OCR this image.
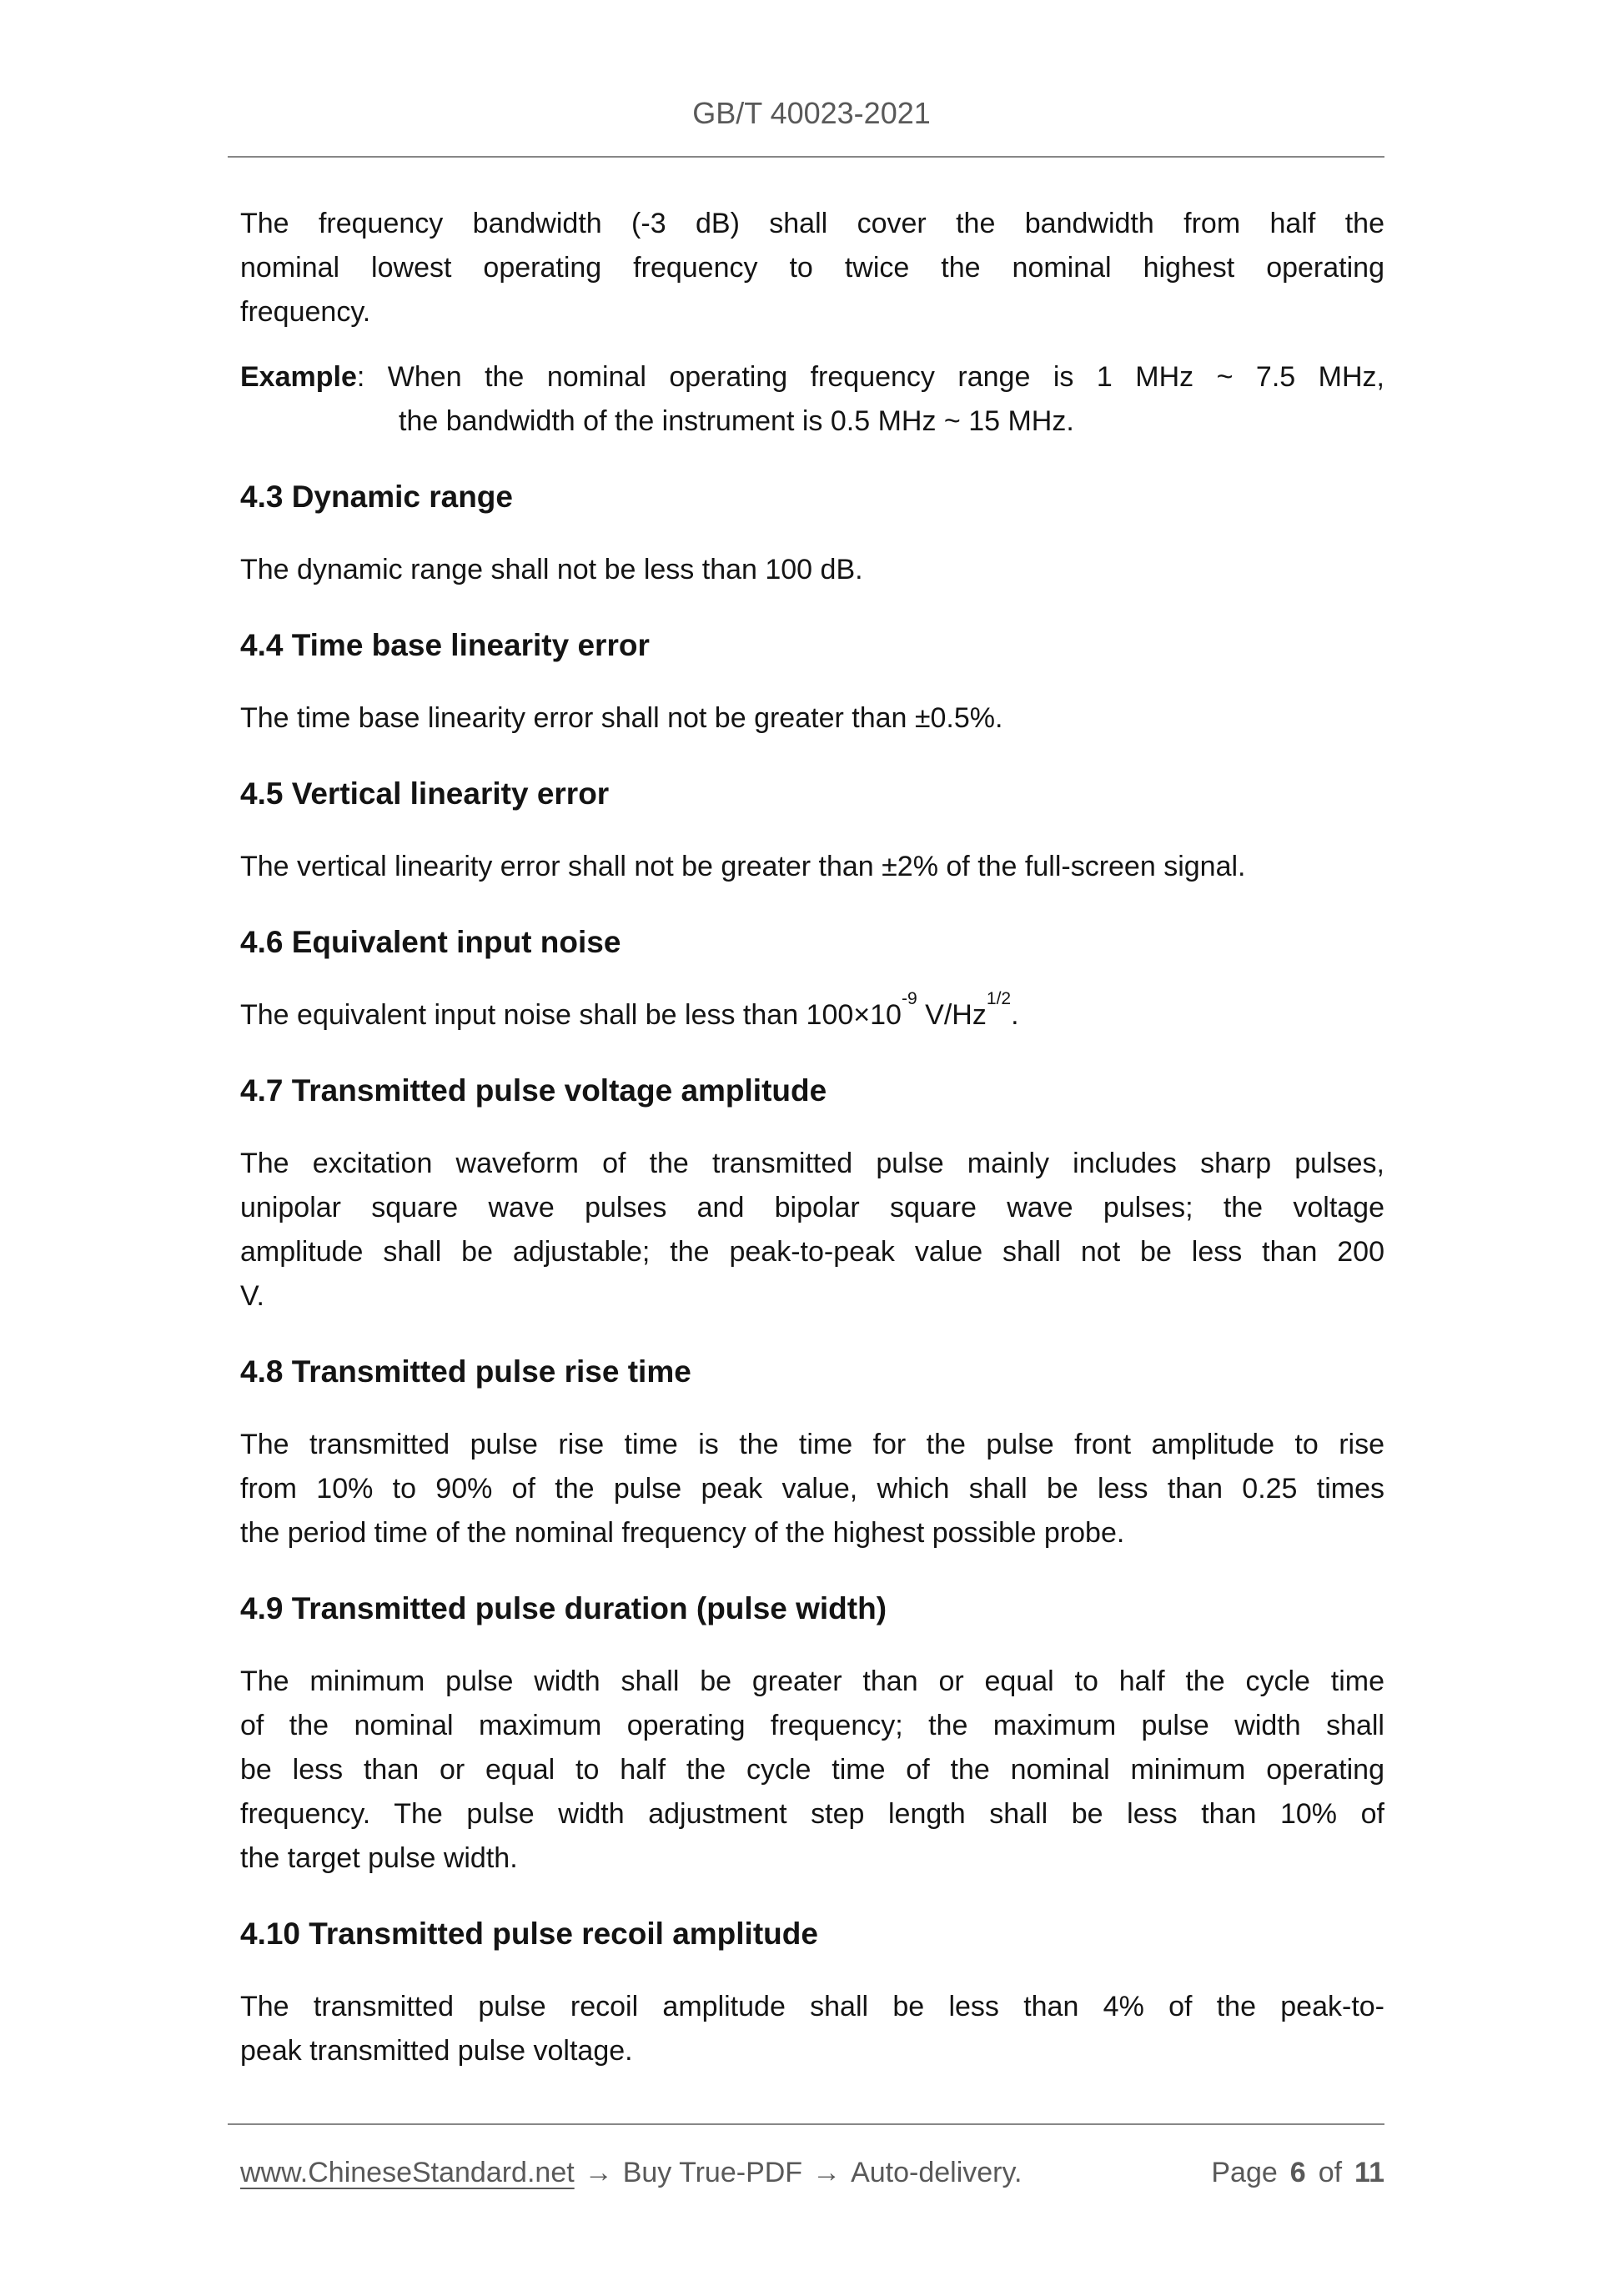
GB/T 40023-2021
The frequency bandwidth (-3 dB) shall cover the bandwidth from half the
nominal lowest operating frequency to twice the nominal highest operating
frequency.
Example: When the nominal operating frequency range is 1 MHz ~ 7.5 MHz,
the bandwidth of the instrument is 0.5 MHz ~ 15 MHz.
4.3 Dynamic range
The dynamic range shall not be less than 100 dB.
4.4 Time base linearity error
The time base linearity error shall not be greater than ±0.5%.
4.5 Vertical linearity error
The vertical linearity error shall not be greater than ±2% of the full-screen signal.
4.6 Equivalent input noise
The equivalent input noise shall be less than $100\times 10^{-9}$ $V/Hz^{1/2}$.
4.7 Transmitted pulse voltage amplitude
The excitation waveform of the transmitted pulse mainly includes sharp pulses,
unipolar square wave pulses and bipolar square wave pulses; the voltage
amplitude shall be adjustable; the peak-to-peak value shall not be less than 200
V.
4.8 Transmitted pulse rise time
The transmitted pulse rise time is the time for the pulse front amplitude to rise
from 10% to 90% of the pulse peak value, which shall be less than 0.25 times
the period time of the nominal frequency of the highest possible probe.
4.9 Transmitted pulse duration (pulse width)
The minimum pulse width shall be greater than or equal to half the cycle time
of the nominal maximum operating frequency; the maximum pulse width shall
be less than or equal to half the cycle time of the nominal minimum operating
frequency. The pulse width adjustment step length shall be less than 10% of
the target pulse width.
4.10 Transmitted pulse recoil amplitude
The transmitted pulse recoil amplitude shall be less than 4% of the peak-to-
peak transmitted pulse voltage.
www.ChineseStandard.net → Buy True-PDF → Auto-delivery.	Page 6 of 11
